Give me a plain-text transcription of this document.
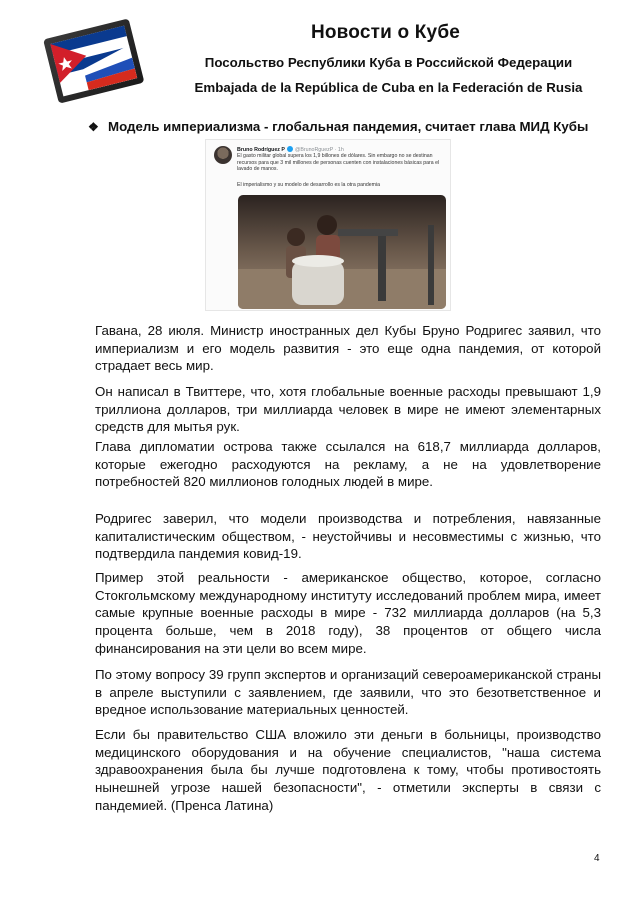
Новости о Кубе
Посольство Республики Куба в Российской Федерации
Embajada de la República de Cuba en la Federación de Rusia
❖ Модель империализма - глобальная пандемия, считает глава МИД Кубы
Bruno Rodríguez P @BrunoRguezP · 1h
El gasto militar global supera los 1,9 billones de dólares. Sin embargo no se destinan recursos para que 3 mil millones de personas cuenten con instalaciones básicas para el lavado de manos.
El imperialismo y su modelo de desarrollo es la otra pandemia
Гавана, 28 июля. Министр иностранных дел Кубы Бруно Родригес заявил, что империализм и его модель развития - это еще одна пандемия, от которой страдает весь мир.
Он написал в Твиттере, что, хотя глобальные военные расходы превышают 1,9 триллиона долларов, три миллиарда человек в мире не имеют элементарных средств для мытья рук.
Глава дипломатии острова также ссылался на 618,7 миллиарда долларов, которые ежегодно расходуются на рекламу, а не на удовлетворение потребностей 820 миллионов голодных людей в мире.
Родригес заверил, что модели производства и потребления, навязанные капиталистическим обществом, - неустойчивы и несовместимы с жизнью, что подтвердила пандемия ковид-19.
Пример этой реальности - американское общество, которое, согласно Стокгольмскому международному институту исследований проблем мира, имеет самые крупные военные расходы в мире - 732 миллиарда долларов (на 5,3 процента больше, чем в 2018 году), 38 процентов от общего числа финансирования на эти цели во всем мире.
По этому вопросу 39 групп экспертов и организаций североамериканской страны в апреле выступили с заявлением, где заявили, что это безответственное и вредное использование материальных ценностей.
Если бы правительство США вложило эти деньги в больницы, производство медицинского оборудования и на обучение специалистов, "наша система здравоохранения была бы лучше подготовлена к тому, чтобы противостоять нынешней угрозе нашей безопасности", - отметили эксперты в связи с пандемией. (Пренса Латина)
4
